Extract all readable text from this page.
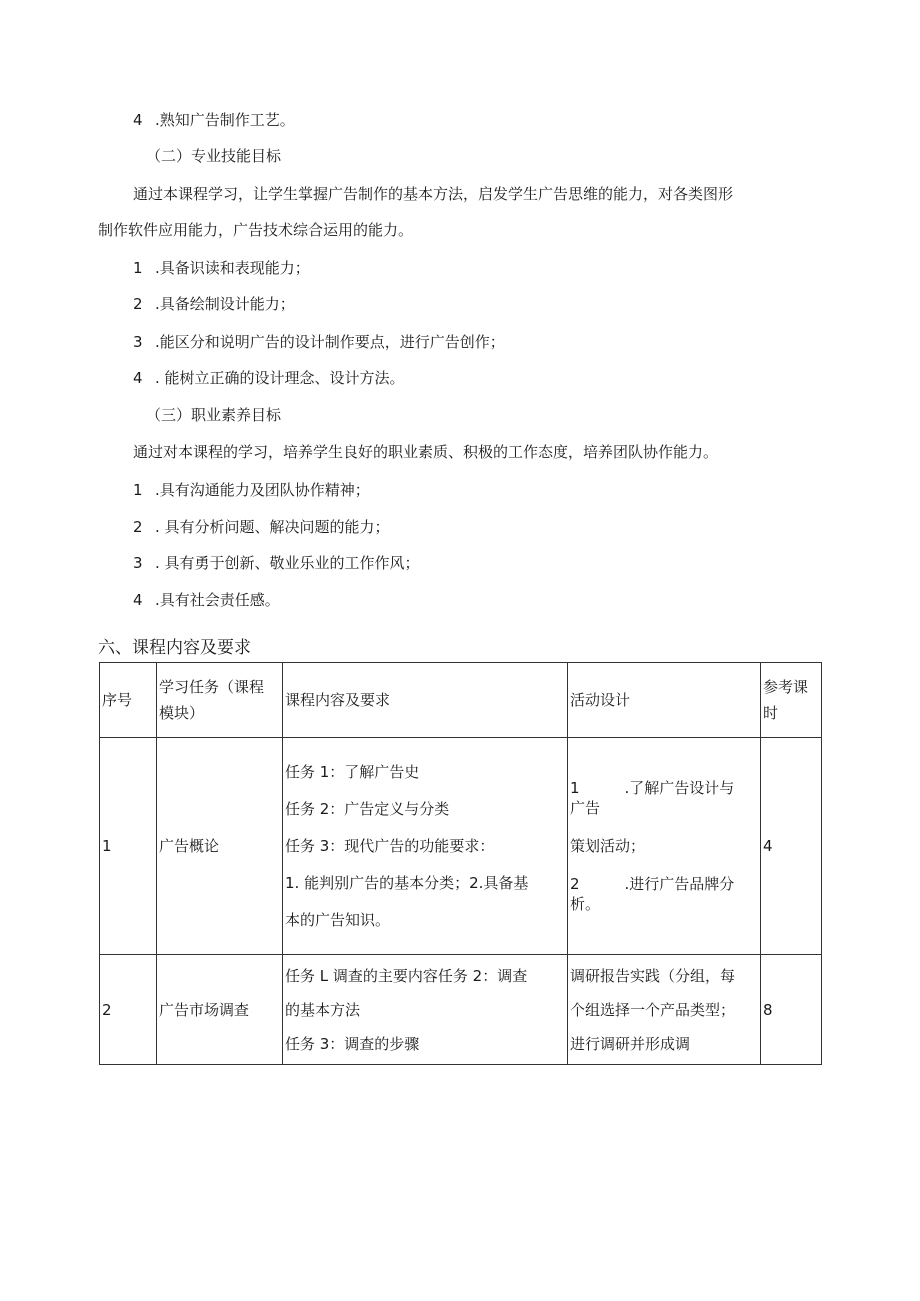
4 .熟知广告制作工艺。
（二）专业技能目标
通过本课程学习，让学生掌握广告制作的基本方法，启发学生广告思维的能力，对各类图形
制作软件应用能力，广告技术综合运用的能力。
1 .具备识读和表现能力；
2 .具备绘制设计能力；
3 .能区分和说明广告的设计制作要点，进行广告创作；
4 . 能树立正确的设计理念、设计方法。
（三）职业素养目标
通过对本课程的学习，培养学生良好的职业素质、积极的工作态度，培养团队协作能力。
1 .具有沟通能力及团队协作精神；
2 . 具有分析问题、解决问题的能力；
3 . 具有勇于创新、敬业乐业的工作作风；
4 .具有社会责任感。
六、课程内容及要求
序号	学习任务（课程
模块）	课程内容及要求	活动设计	参考课
时

1	广告概论	任务 1：了解广告史
任务 2：广告定义与分类
任务 3：现代广告的功能要求：
1. 能判别广告的基本分类；2.具备基
本的广告知识。	1　　　.了解广告设计与
广告
策划活动；
2　　　.进行广告品牌分
析。	4
2	广告市场调查	任务 L 调查的主要内容任务 2：调查
的基本方法
任务 3：调查的步骤	调研报告实践（分组，每
个组选择一个产品类型；
进行调研并形成调	8
